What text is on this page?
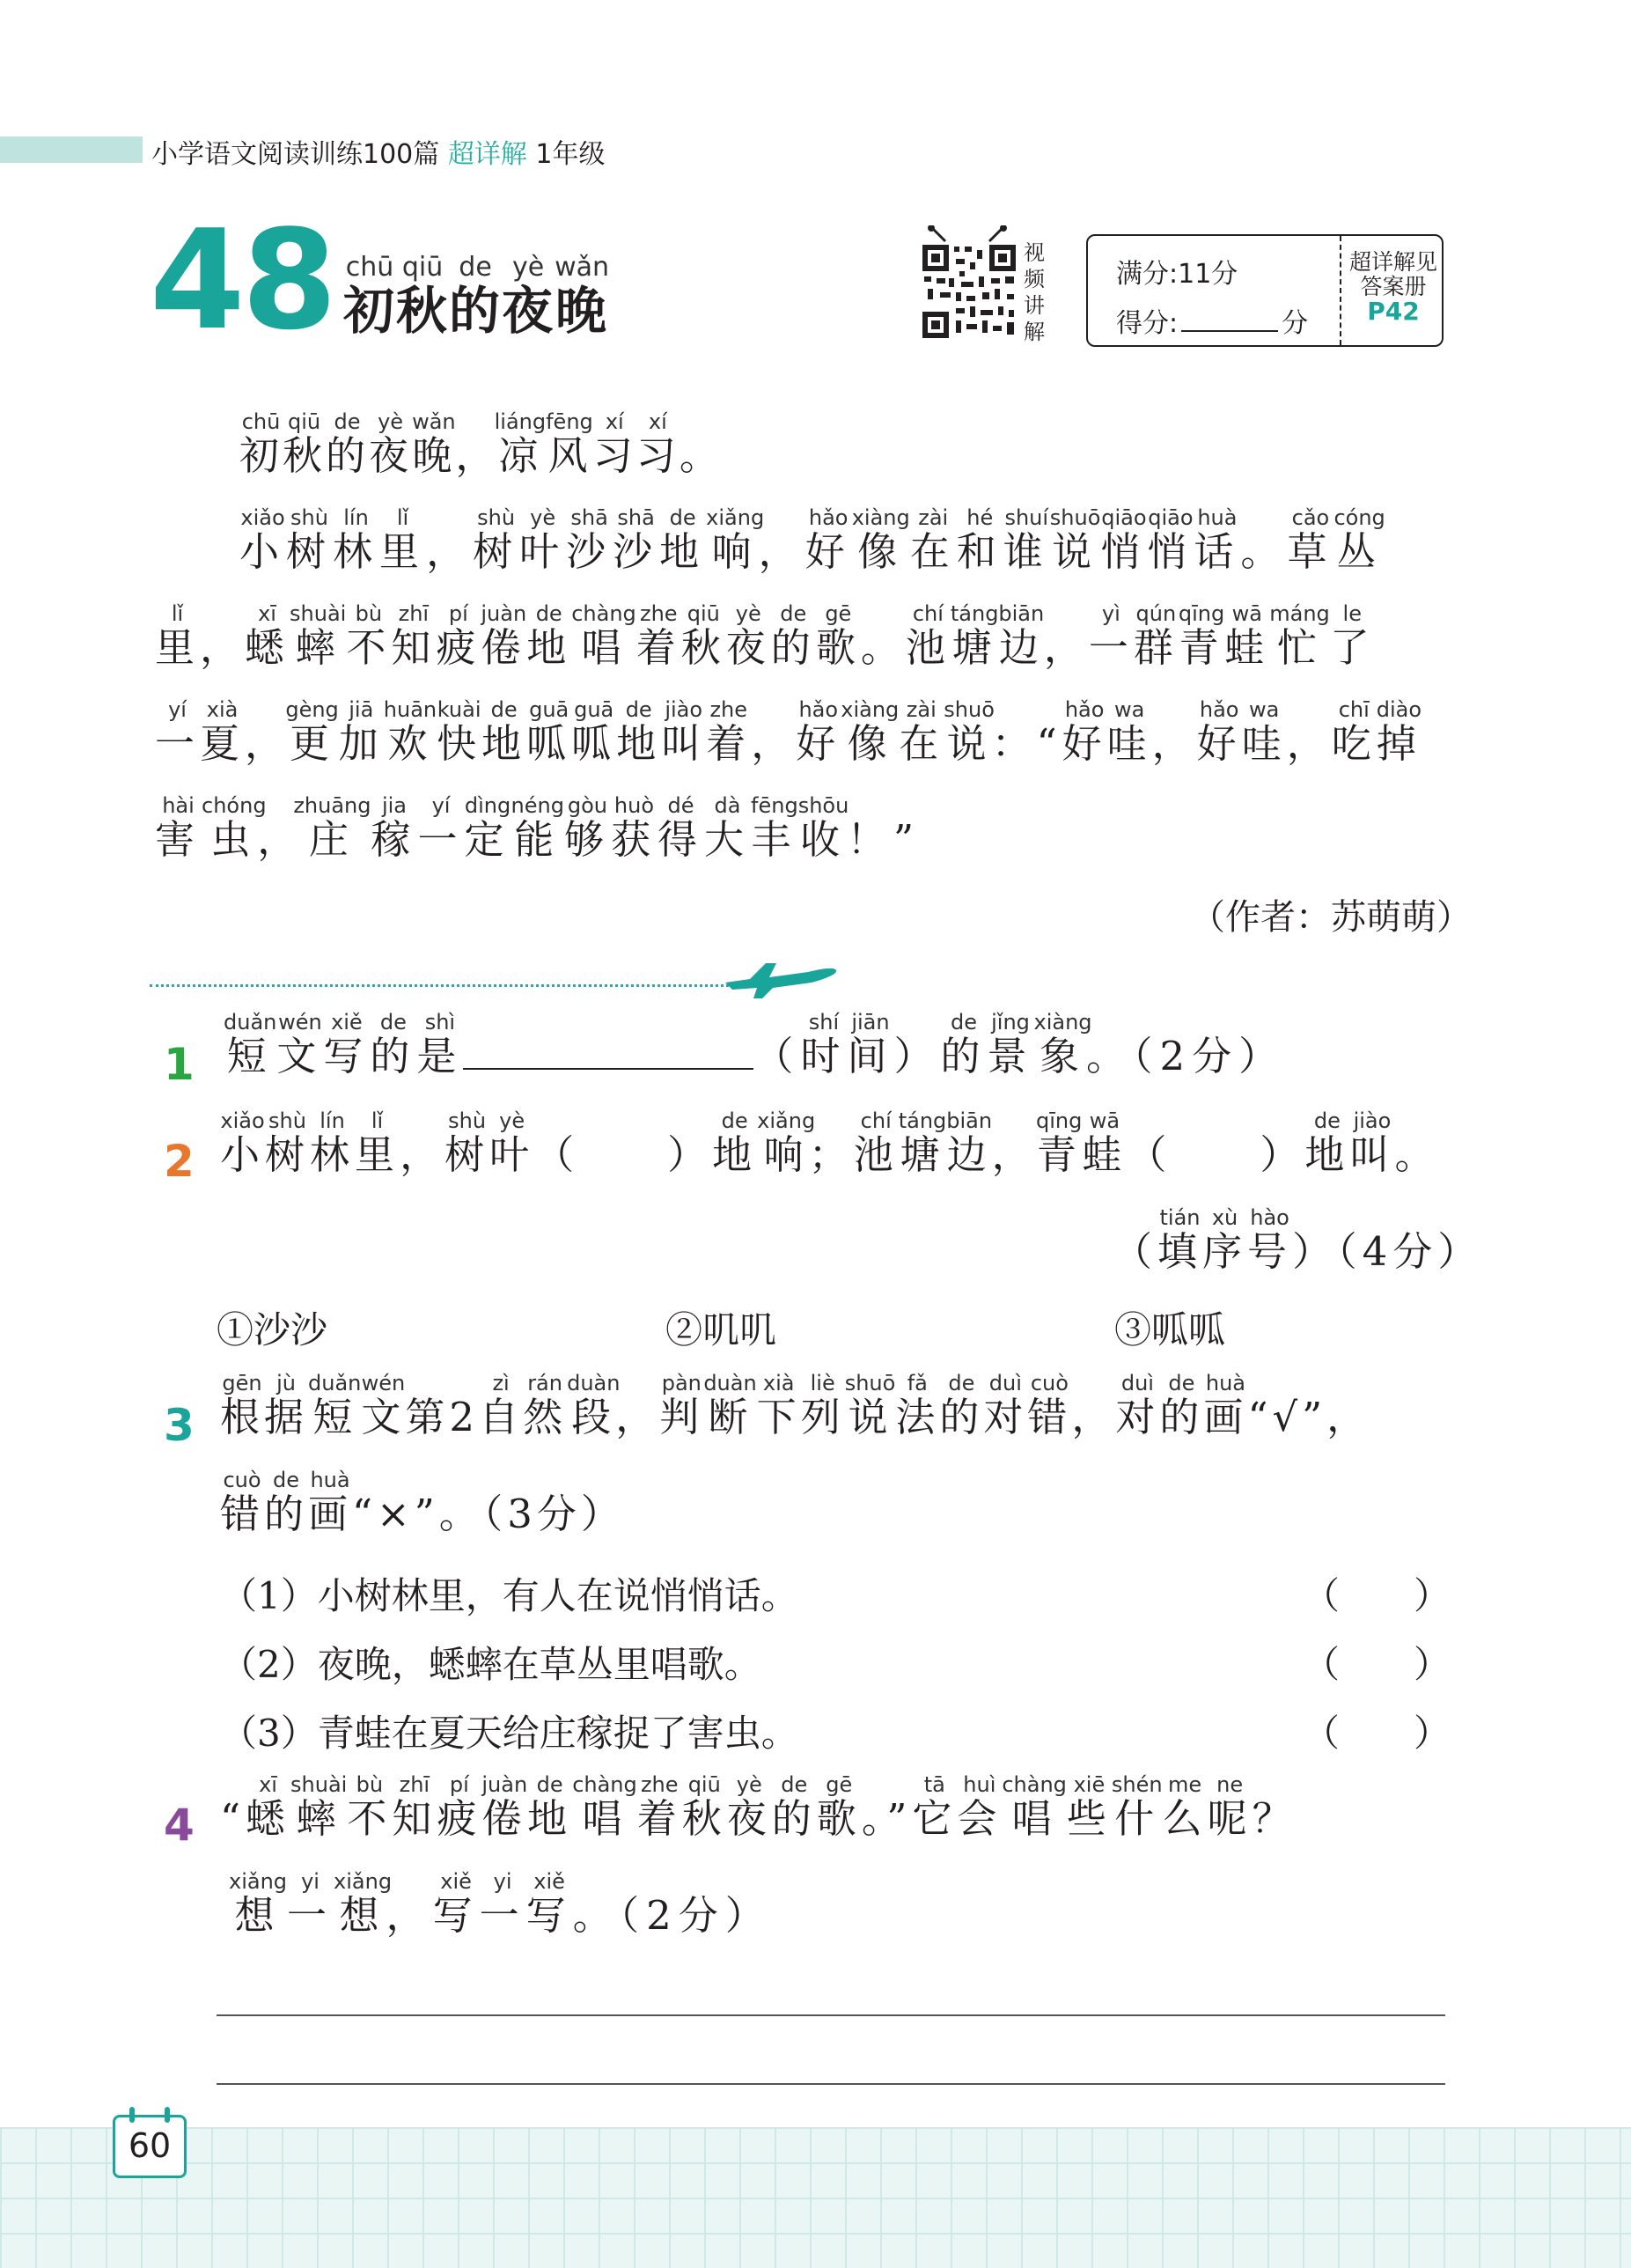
小学语文阅读训练100篇 超详解 1年级
48 初chū秋qiū的de夜yè晚wǎn	视
频
讲
解
满分:11分
得分:	分
超详解见
答案册
P42
初chū秋qiū的de夜yè晚wǎn，凉liáng风fēng习xí习xí。
小xiǎo树shù林lín里lǐ，树shù叶yè沙shā沙shā地de响xiǎng，好hǎo像xiàng在zài和hé谁shuí说shuō悄qiāo悄qiāo话huà。草cǎo丛cóng
里lǐ，蟋xī蟀shuài不bù知zhī疲pí倦juàn地de唱chàng着zhe秋qiū夜yè的de歌gē。池chí塘táng边biān，一yì群qún青qīng蛙wā忙máng了le
一yí夏xià，更gèng加jiā欢huān快kuài地de呱guā呱guā地de叫jiào着zhe，好hǎo像xiàng在zài说shuō：“好hǎo哇wa，好hǎo哇wa，吃chī掉diào
害hài虫chóng，庄zhuāng稼jia一yí定dìng能néng够gòu获huò得dé大dà丰fēng收shōu！”
（作者：苏萌萌）
1 短duǎn文wén写xiě的de是shì（时shí间jiān）的de景jǐng象xiàng。（2分）
2 小xiǎo树shù林lín里lǐ，树shù叶yè（ ）地de响xiǎng；池chí塘táng边biān，青qīng蛙wā（ ）地de叫jiào。
（填tián序xù号hào）（4分）
①沙沙	②叽叽	③呱呱
3 根gēn据jù短duǎn文wén第2自zì然rán段duàn，判pàn断duàn下xià列liè说shuō法fǎ的de对duì错cuò，对duì的de画huà“√”，
错cuò的de画huà“×”。（3分）
（1）小树林里，有人在说悄悄话。	（　　）
（2）夜晚，蟋蟀在草丛里唱歌。	（　　）
（3）青蛙在夏天给庄稼捉了害虫。	（　　）
4 “蟋xī蟀shuài不bù知zhī疲pí倦juàn地de唱chàng着zhe秋qiū夜yè的de歌gē。”它tā会huì唱chàng些xiē什shén么me呢ne？
想xiǎng一yi想xiǎng，写xiě一yi写xiě。（2分）
60
